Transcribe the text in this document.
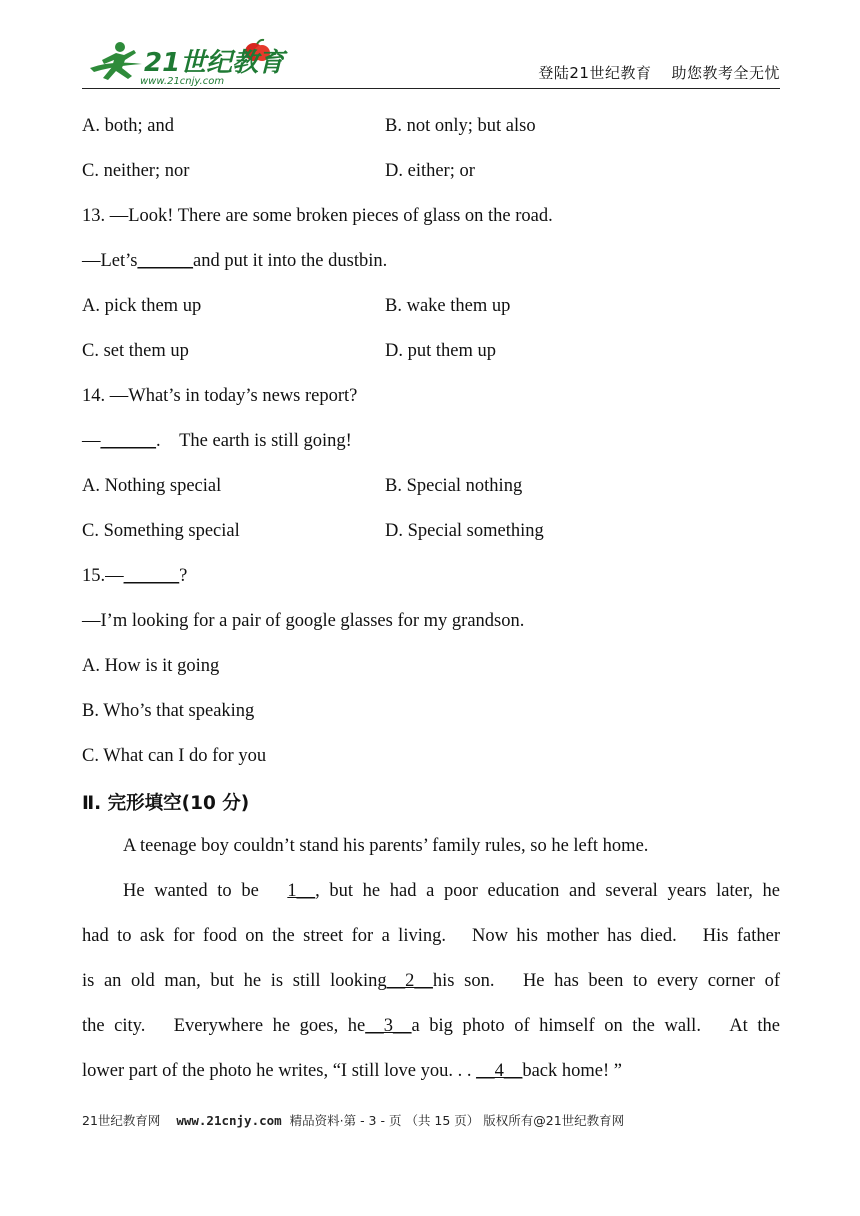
21世纪教育
www.21cnjy.com	登陆21世纪教育 助您教考全无忧
A. both; and	B. not only; but also
C. neither; nor	D. either; or
13. —Look! There are some broken pieces of glass on the road.
—Let’s______and put it into the dustbin.
A. pick them up	B. wake them up
C. set them up	D. put them up
14. —What’s in today’s news report?
—______.　The earth is still going!
A. Nothing special	B. Special nothing
C. Something special	D. Special something
15.—______?
—I’m looking for a pair of google glasses for my grandson.
A. How is it going
B. Who’s that speaking
C. What can I do for you
Ⅱ. 完形填空(10 分)
A teenage boy couldn’t stand his parents’ family rules, so he left home.
He wanted to be　 1__, but he had a poor education and several years later, he
had to ask for food on the street for a living.　Now his mother has died.　His father
is an old man, but he is still looking__2__his son.　He has been to every corner of
the city.　Everywhere he goes, he__3__a big photo of himself on the wall.　At the
lower part of the photo he writes, “I still love you. . . __4__back home! ”
21世纪教育网 www.21cnjy.com 精品资料·第 - 3 - 页 （共 15 页） 版权所有@21世纪教育网
